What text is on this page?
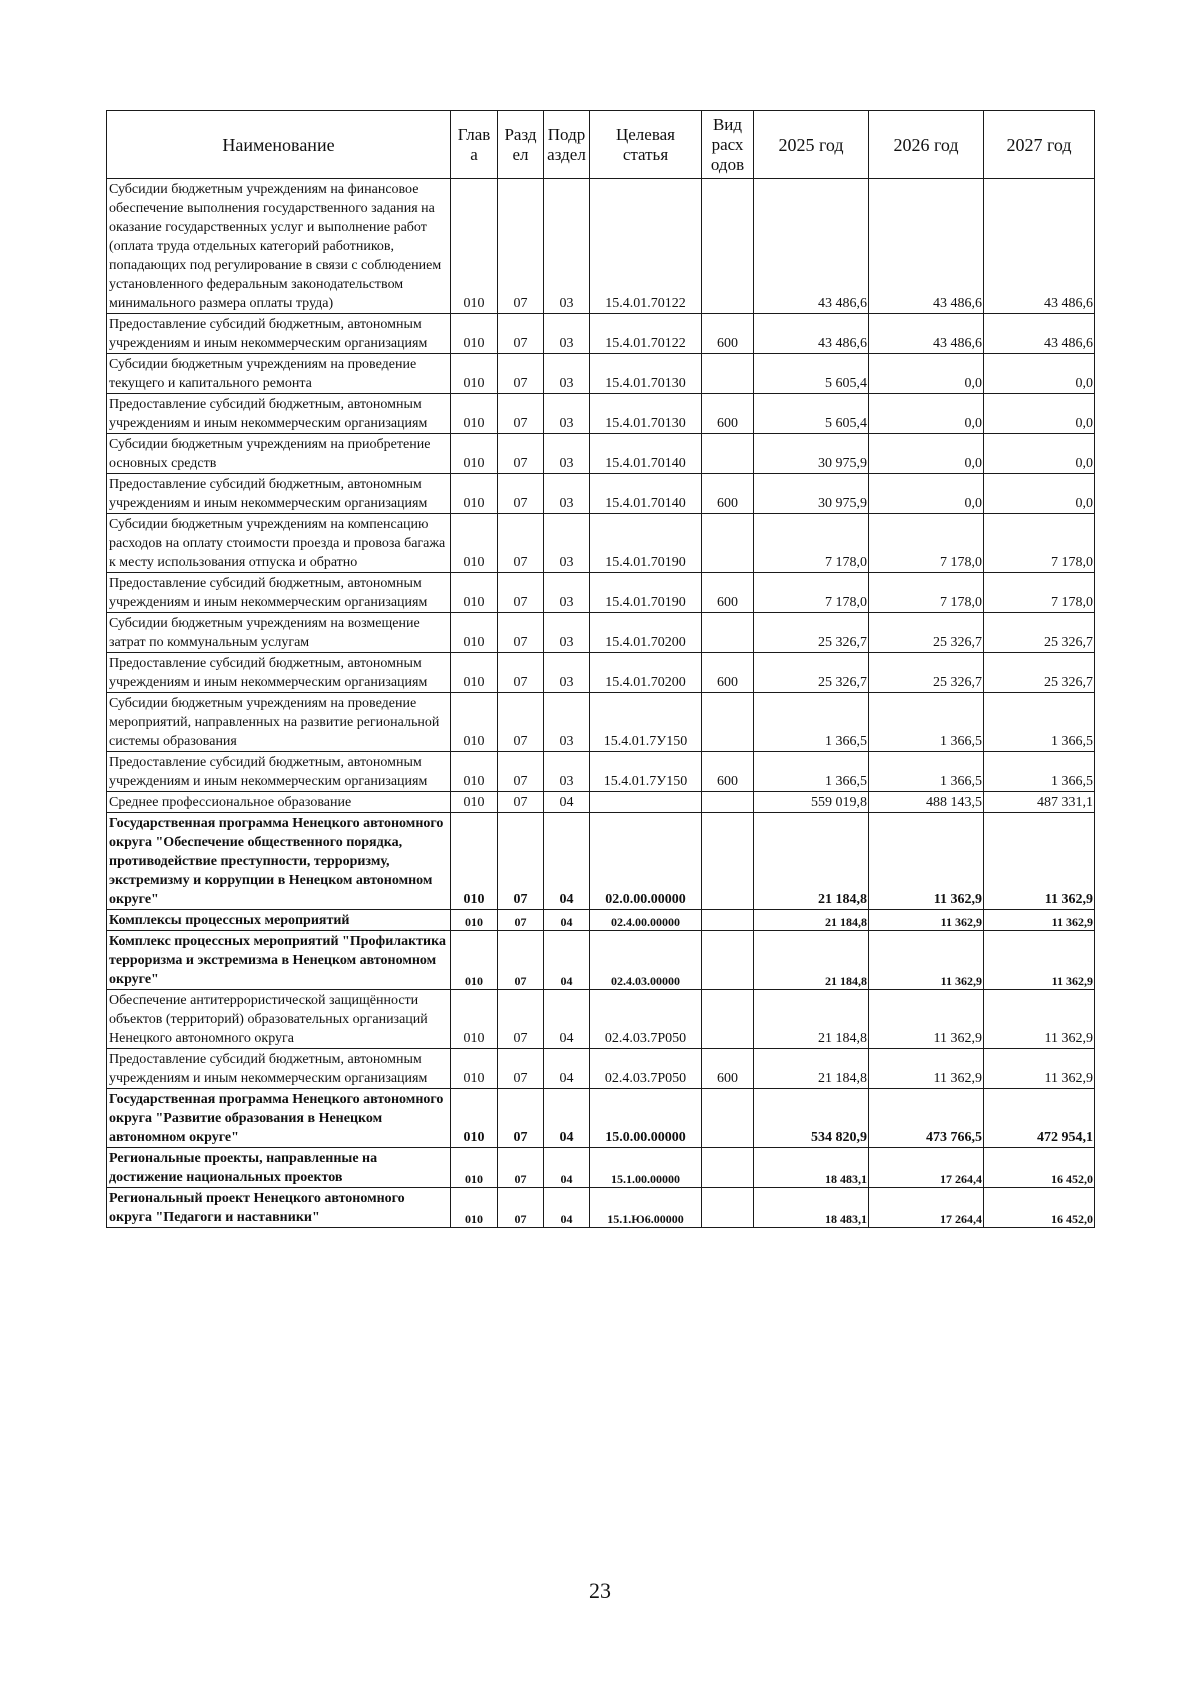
Наименование	Глав а	Разд ел	Подр аздел	Целевая статья	Вид расх одов	2025 год	2026 год	2027 год
Субсидии бюджетным учреждениям на финансовое обеспечение выполнения государственного задания на оказание государственных услуг и выполнение работ (оплата труда отдельных категорий работников, попадающих под регулирование в связи с соблюдением установленного федеральным законодательством минимального размера оплаты труда)	010	07	03	15.4.01.70122		43 486,6	43 486,6	43 486,6
Предоставление субсидий бюджетным, автономным учреждениям и иным некоммерческим организациям	010	07	03	15.4.01.70122	600	43 486,6	43 486,6	43 486,6
Субсидии бюджетным учреждениям на проведение текущего и капитального ремонта	010	07	03	15.4.01.70130		5 605,4	0,0	0,0
Предоставление субсидий бюджетным, автономным учреждениям и иным некоммерческим организациям	010	07	03	15.4.01.70130	600	5 605,4	0,0	0,0
Субсидии бюджетным учреждениям на приобретение основных средств	010	07	03	15.4.01.70140		30 975,9	0,0	0,0
Предоставление субсидий бюджетным, автономным учреждениям и иным некоммерческим организациям	010	07	03	15.4.01.70140	600	30 975,9	0,0	0,0
Субсидии бюджетным учреждениям на компенсацию расходов на оплату стоимости проезда и провоза багажа к месту использования отпуска и обратно	010	07	03	15.4.01.70190		7 178,0	7 178,0	7 178,0
Предоставление субсидий бюджетным, автономным учреждениям и иным некоммерческим организациям	010	07	03	15.4.01.70190	600	7 178,0	7 178,0	7 178,0
Субсидии бюджетным учреждениям на возмещение затрат по коммунальным услугам	010	07	03	15.4.01.70200		25 326,7	25 326,7	25 326,7
Предоставление субсидий бюджетным, автономным учреждениям и иным некоммерческим организациям	010	07	03	15.4.01.70200	600	25 326,7	25 326,7	25 326,7
Субсидии бюджетным учреждениям на проведение мероприятий, направленных на развитие региональной системы образования	010	07	03	15.4.01.7У150		1 366,5	1 366,5	1 366,5
Предоставление субсидий бюджетным, автономным учреждениям и иным некоммерческим организациям	010	07	03	15.4.01.7У150	600	1 366,5	1 366,5	1 366,5
Среднее профессиональное образование	010	07	04			559 019,8	488 143,5	487 331,1
Государственная программа Ненецкого автономного округа "Обеспечение общественного порядка, противодействие преступности, терроризму, экстремизму и коррупции в Ненецком автономном округе"	010	07	04	02.0.00.00000		21 184,8	11 362,9	11 362,9
Комплексы процессных мероприятий	010	07	04	02.4.00.00000		21 184,8	11 362,9	11 362,9
Комплекс процессных мероприятий "Профилактика терроризма и экстремизма в Ненецком автономном округе"	010	07	04	02.4.03.00000		21 184,8	11 362,9	11 362,9
Обеспечение антитеррористической защищённости объектов (территорий) образовательных организаций Ненецкого автономного округа	010	07	04	02.4.03.7Р050		21 184,8	11 362,9	11 362,9
Предоставление субсидий бюджетным, автономным учреждениям и иным некоммерческим организациям	010	07	04	02.4.03.7Р050	600	21 184,8	11 362,9	11 362,9
Государственная программа Ненецкого автономного округа "Развитие образования в Ненецком автономном округе"	010	07	04	15.0.00.00000		534 820,9	473 766,5	472 954,1
Региональные проекты, направленные на достижение национальных проектов	010	07	04	15.1.00.00000		18 483,1	17 264,4	16 452,0
Региональный проект Ненецкого автономного округа "Педагоги и наставники"	010	07	04	15.1.Ю6.00000		18 483,1	17 264,4	16 452,0
23
